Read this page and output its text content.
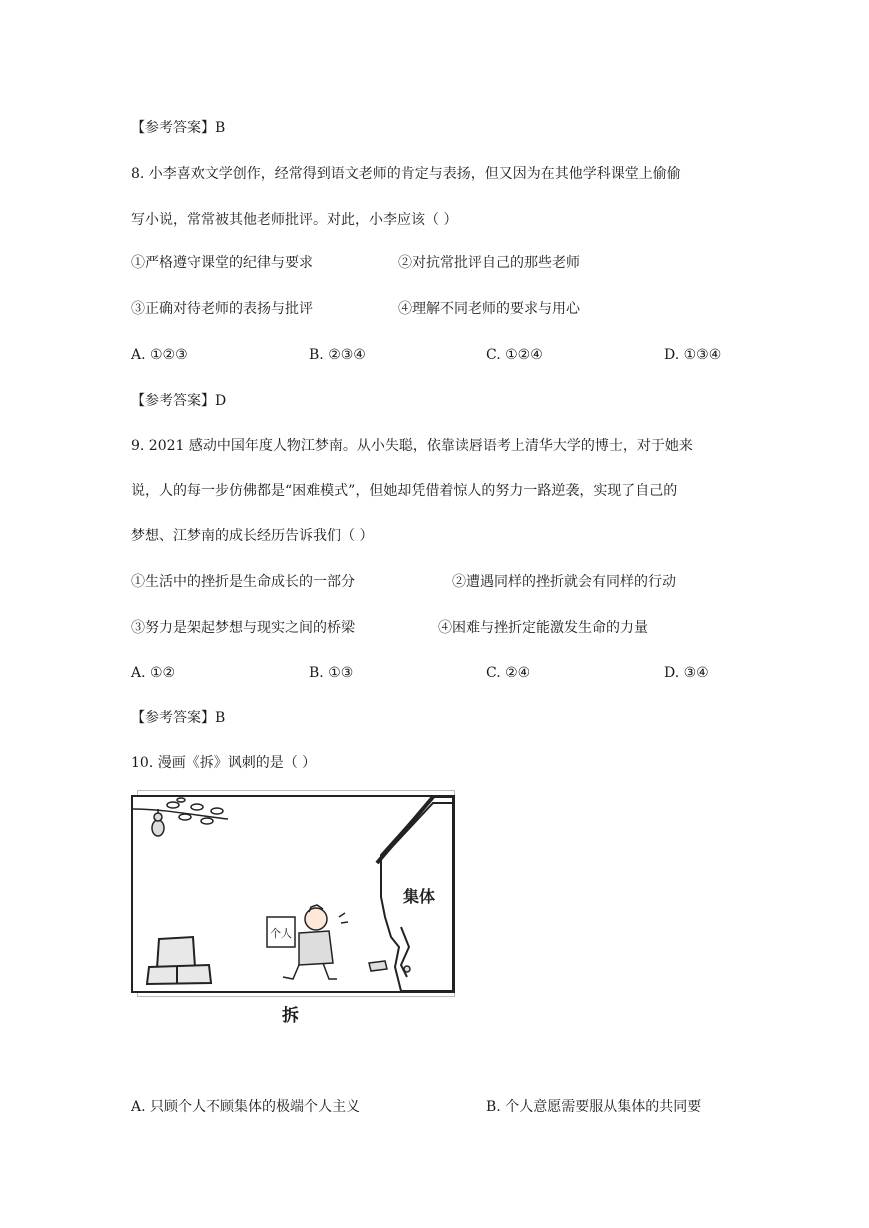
【参考答案】B
8. 小李喜欢文学创作，经常得到语文老师的肯定与表扬，但又因为在其他学科课堂上偷偷
写小说，常常被其他老师批评。对此，小李应该（ ）
①严格遵守课堂的纪律与要求	②对抗常批评自己的那些老师
③正确对待老师的表扬与批评	④理解不同老师的要求与用心
A. ①②③	B. ②③④	C. ①②④	D. ①③④
【参考答案】D
9. 2021 感动中国年度人物江梦南。从小失聪，依靠读唇语考上清华大学的博士，对于她来
说，人的每一步仿佛都是“困难模式”，但她却凭借着惊人的努力一路逆袭，实现了自己的
梦想、江梦南的成长经历告诉我们（ ）
①生活中的挫折是生命成长的一部分	②遭遇同样的挫折就会有同样的行动
③努力是架起梦想与现实之间的桥梁	④困难与挫折定能激发生命的力量
A. ①②	B. ①③	C. ②④	D. ③④
【参考答案】B
10. 漫画《拆》讽刺的是（ ）
个人
集体
拆
A. 只顾个人不顾集体的极端个人主义	B. 个人意愿需要服从集体的共同要
